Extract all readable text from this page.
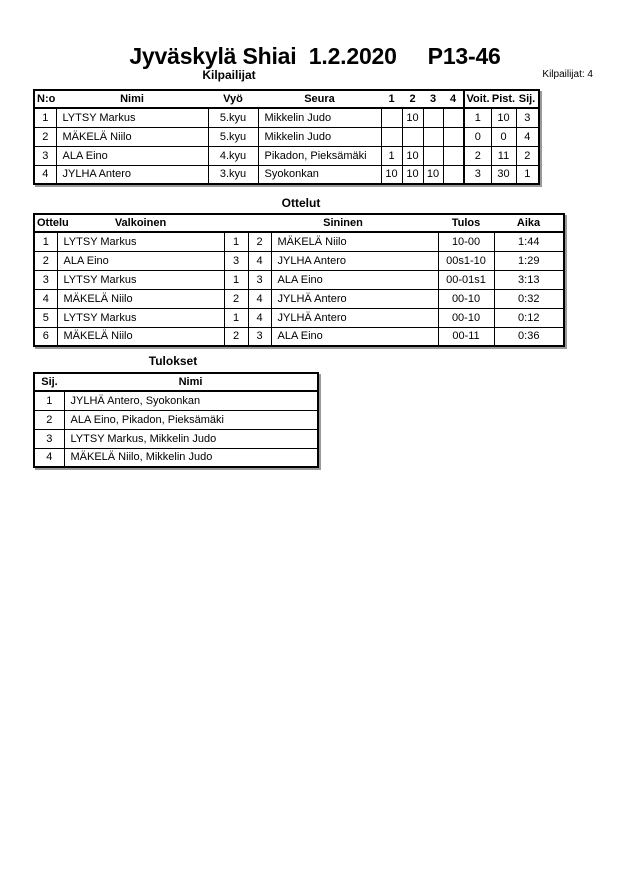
Jyväskylä Shiai  1.2.2020     P13-46
Kilpailijat	Kilpailijat: 4
N:o	Nimi	Vyö	Seura	1	2	3	4	Voit.	Pist.	Sij.
1	LYTSY Markus	5.kyu	Mikkelin Judo		10			1	10	3
2	MÄKELÄ Niilo	5.kyu	Mikkelin Judo					0	0	4
3	ALA Eino	4.kyu	Pikadon, Pieksämäki	1	10			2	11	2
4	JYLHA Antero	3.kyu	Syokonkan	10	10	10		3	30	1
Ottelut
Ottelu	Valkoinen		Sininen		Tulos	Aika
1	LYTSY Markus	1	2	MÄKELÄ Niilo	10-00	1:44
2	ALA Eino	3	4	JYLHA Antero	00s1-10	1:29
3	LYTSY Markus	1	3	ALA Eino	00-01s1	3:13
4	MÄKELÄ Niilo	2	4	JYLHÄ Antero	00-10	0:32
5	LYTSY Markus	1	4	JYLHÄ Antero	00-10	0:12
6	MÄKELÄ Niilo	2	3	ALA Eino	00-11	0:36
Tulokset
Sij.	Nimi
1	JYLHÄ Antero, Syokonkan
2	ALA Eino, Pikadon, Pieksämäki
3	LYTSY Markus, Mikkelin Judo
4	MÄKELÄ Niilo, Mikkelin Judo
